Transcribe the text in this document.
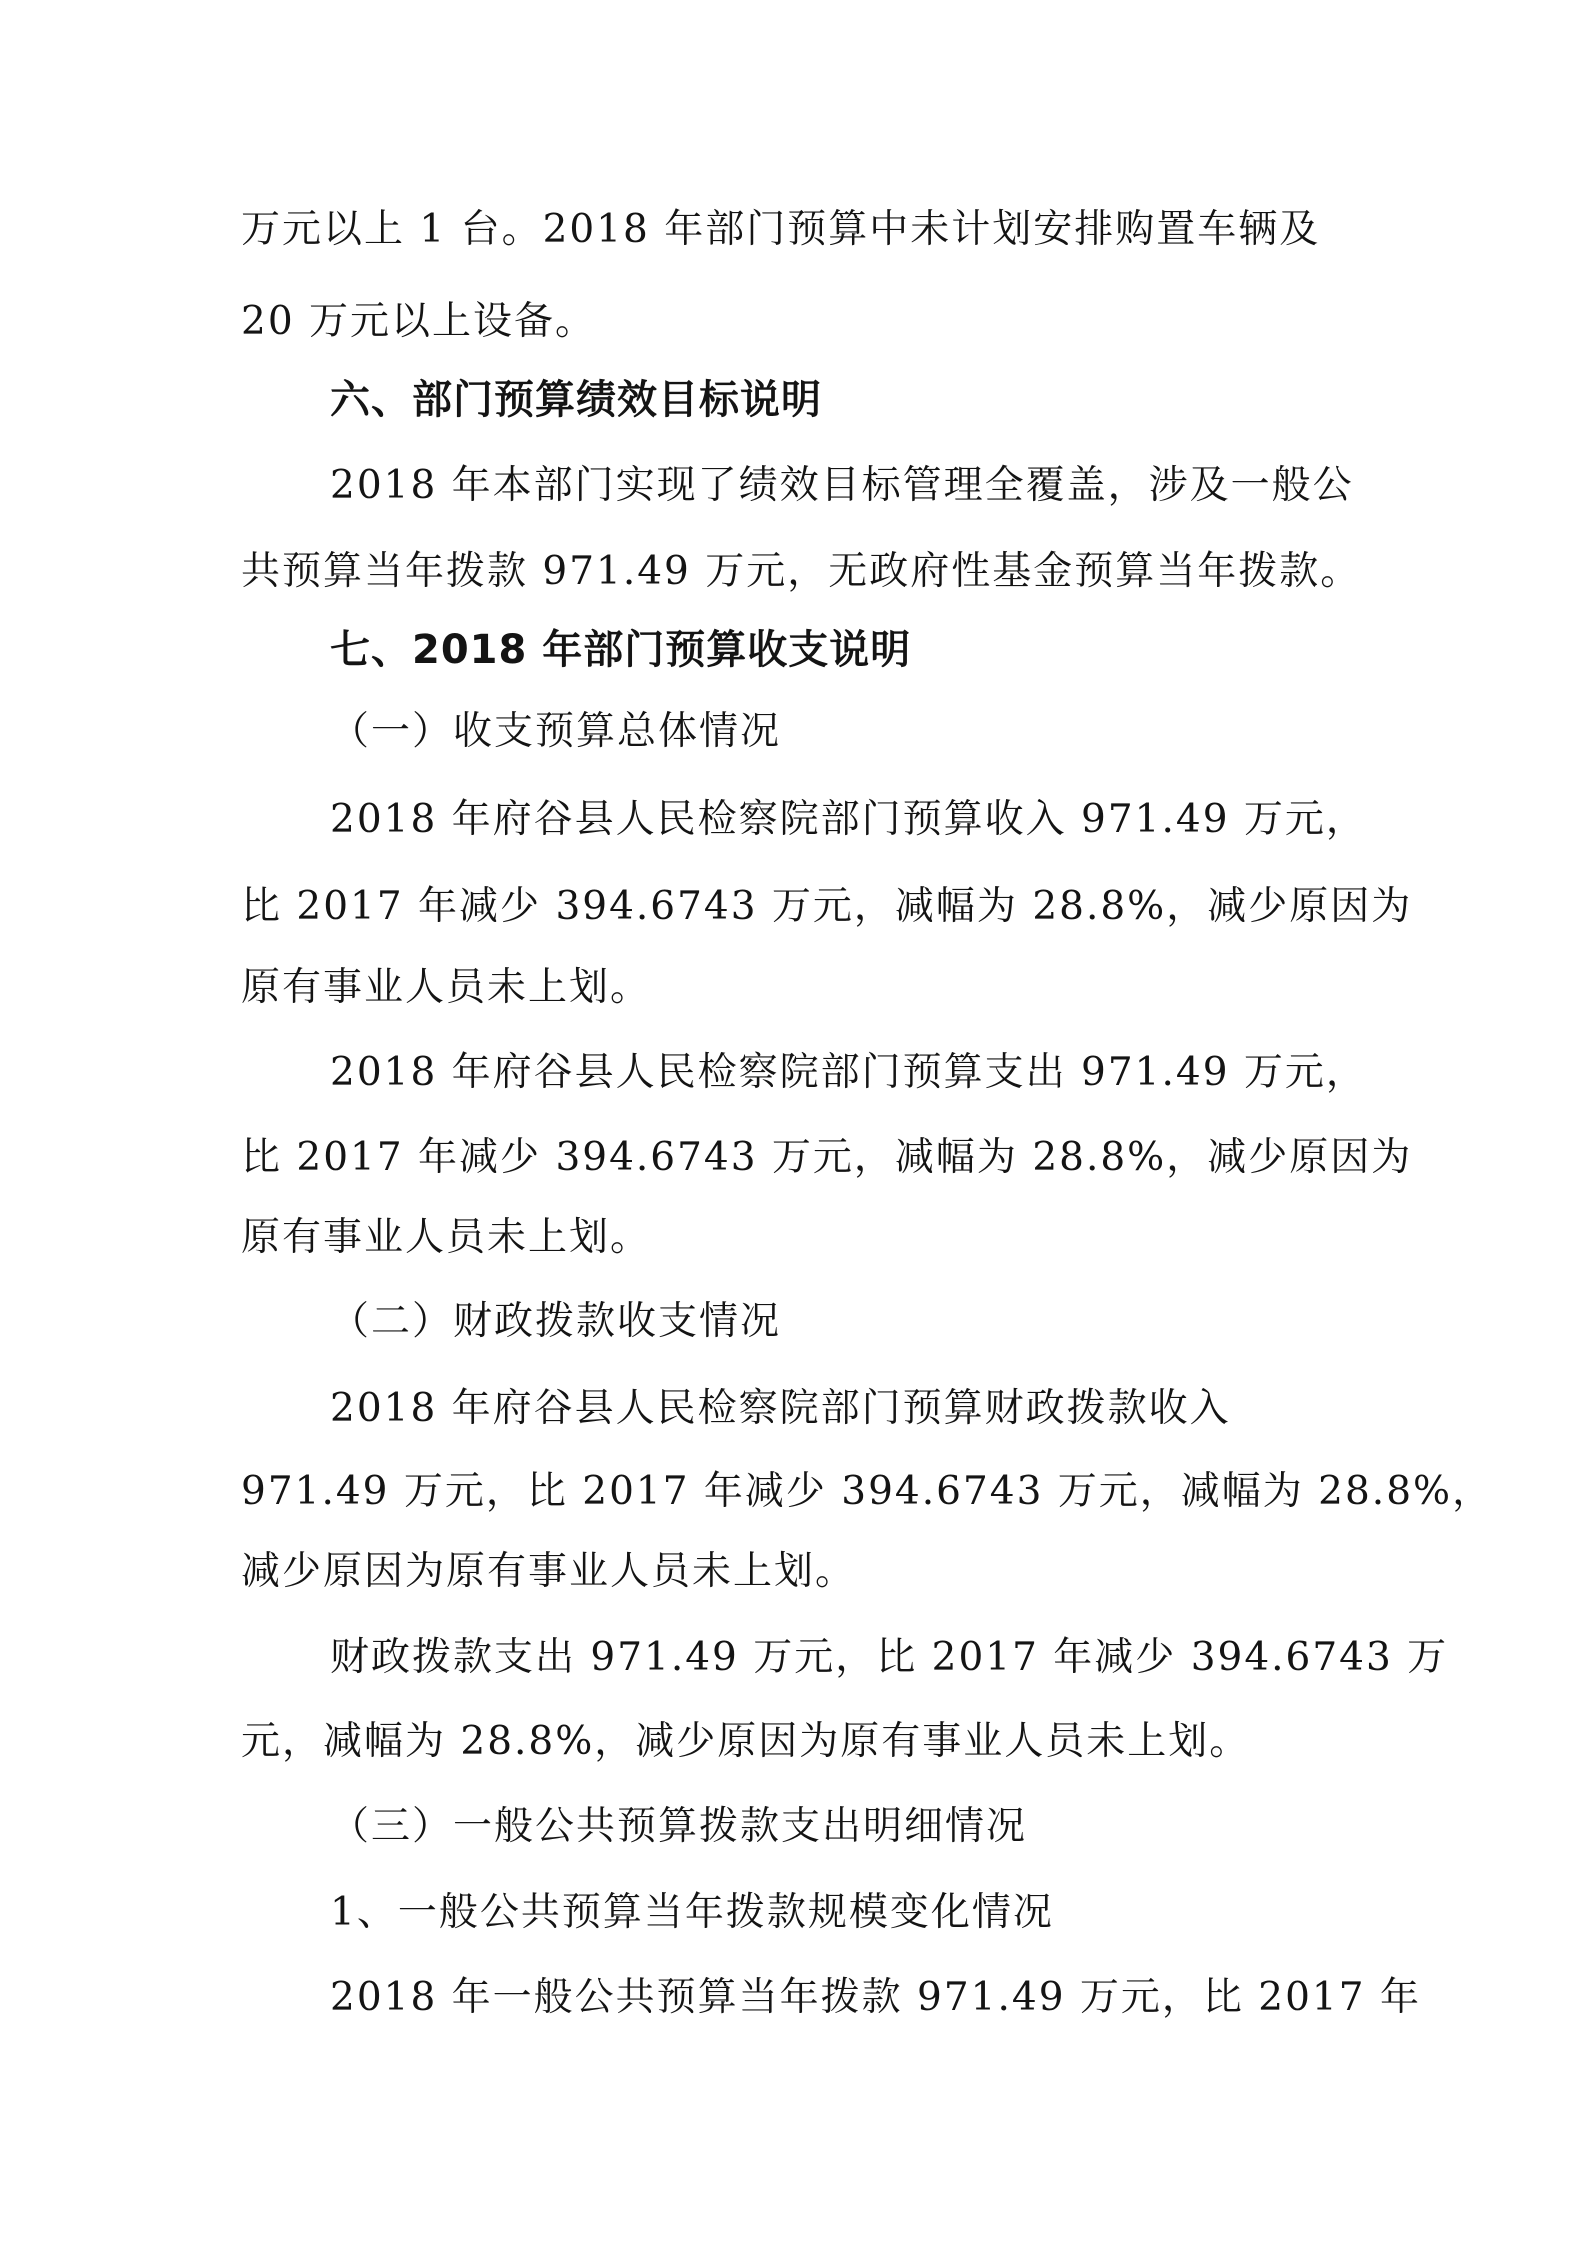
万元以上 1 台。2018 年部门预算中未计划安排购置车辆及
20 万元以上设备。
六、部门预算绩效目标说明
2018 年本部门实现了绩效目标管理全覆盖，涉及一般公
共预算当年拨款 971.49 万元，无政府性基金预算当年拨款。
七、2018 年部门预算收支说明
（一）收支预算总体情况
2018 年府谷县人民检察院部门预算收入 971.49 万元，
比 2017 年减少 394.6743 万元，减幅为 28.8%，减少原因为
原有事业人员未上划。
2018 年府谷县人民检察院部门预算支出 971.49 万元，
比 2017 年减少 394.6743 万元，减幅为 28.8%，减少原因为
原有事业人员未上划。
（二）财政拨款收支情况
2018 年府谷县人民检察院部门预算财政拨款收入
971.49 万元，比 2017 年减少 394.6743 万元，减幅为 28.8%，
减少原因为原有事业人员未上划。
财政拨款支出 971.49 万元，比 2017 年减少 394.6743 万
元，减幅为 28.8%，减少原因为原有事业人员未上划。
（三）一般公共预算拨款支出明细情况
1、一般公共预算当年拨款规模变化情况
2018 年一般公共预算当年拨款 971.49 万元，比 2017 年
